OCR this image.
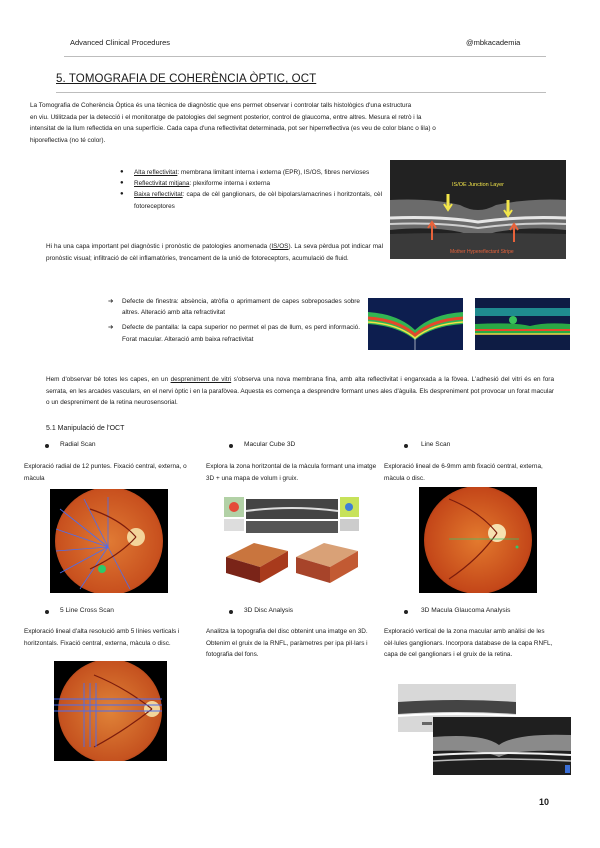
Advanced Clinical Procedures	@mbkacademia
5. TOMOGRAFIA DE COHERÈNCIA ÒPTIC, OCT
La Tomografia de Coherència Òptica és una tècnica de diagnòstic que ens permet observar i controlar talls histològics d'una estructura
en viu. Utilitzada per la detecció i el monitoratge de patologies del segment posterior, control de glaucoma, entre altres. Mesura el retrò i la
intensitat de la llum reflectida en una superfície. Cada capa d'una reflectivitat determinada, pot ser hiperreflectiva (es veu de color blanc o lila) o
hiporeflectiva (no té color).
● Alta reflectivitat: membrana limitant interna i externa (EPR), IS/OS, fibres nervioses
● Reflectivitat mitjana: plexiforme interna i externa
● Baixa reflectivitat: capa de cèl ganglionars, de cèl bipolars/amacrines i horitzontals, cèl fotoreceptores
IS/OE Junction Layer
Mother Hypereflectant Stripe
Hi ha una capa important pel diagnòstic i pronòstic de patologies anomenada (IS/OS). La seva pèrdua pot indicar mal pronòstic visual; infiltració de cèl inflamatòries, trencament de la unió de fotoreceptors, acumulació de fluid.
➔ Defecte de finestra: absència, atròfia o aprimament de capes sobreposades sobre altres. Alteració amb alta refractivitat
➔ Defecte de pantalla: la capa superior no permet el pas de llum, es perd informació. Forat macular. Alteració amb baixa refractivitat
Hem d'observar bé totes les capes, en un despreniment de vitri s'observa una nova membrana fina, amb alta reflectivitat i enganxada a la fòvea. L'adhesió del vitri és en fora serrata, en les arcades vasculars, en el nervi òptic i en la parafòvea. Aquesta es comença a desprendre formant unes ales d'àguila. Els despreniment pot provocar un forat macular o un despreniment de la retina neurosensorial.
5.1 Manipulació de l'OCT
Radial Scan	Macular Cube 3D	Line Scan
Exploració radial de 12 puntes. Fixació central, externa, o màcula
Explora la zona horitzontal de la màcula formant una imatge 3D + una mapa de volum i gruix.
Exploració lineal de 6-9mm amb fixació central, externa, màcula o disc.
5 Line Cross Scan	3D Disc Analysis	3D Macula Glaucoma Analysis
Exploració lineal d'alta resolució amb 5 línies verticals i horitzontals. Fixació central, externa, màcula o disc.
Analitza la topografia del disc obtenint una imatge en 3D. Obtenim el gruix de la RNFL, paràmetres per ipa pil·lars i fotografia del fons.
Exploració vertical de la zona macular amb anàlisi de les cèl·lules ganglionars. Incorpora database de la capa RNFL, capa de cel ganglionars i el gruix de la retina.
10
